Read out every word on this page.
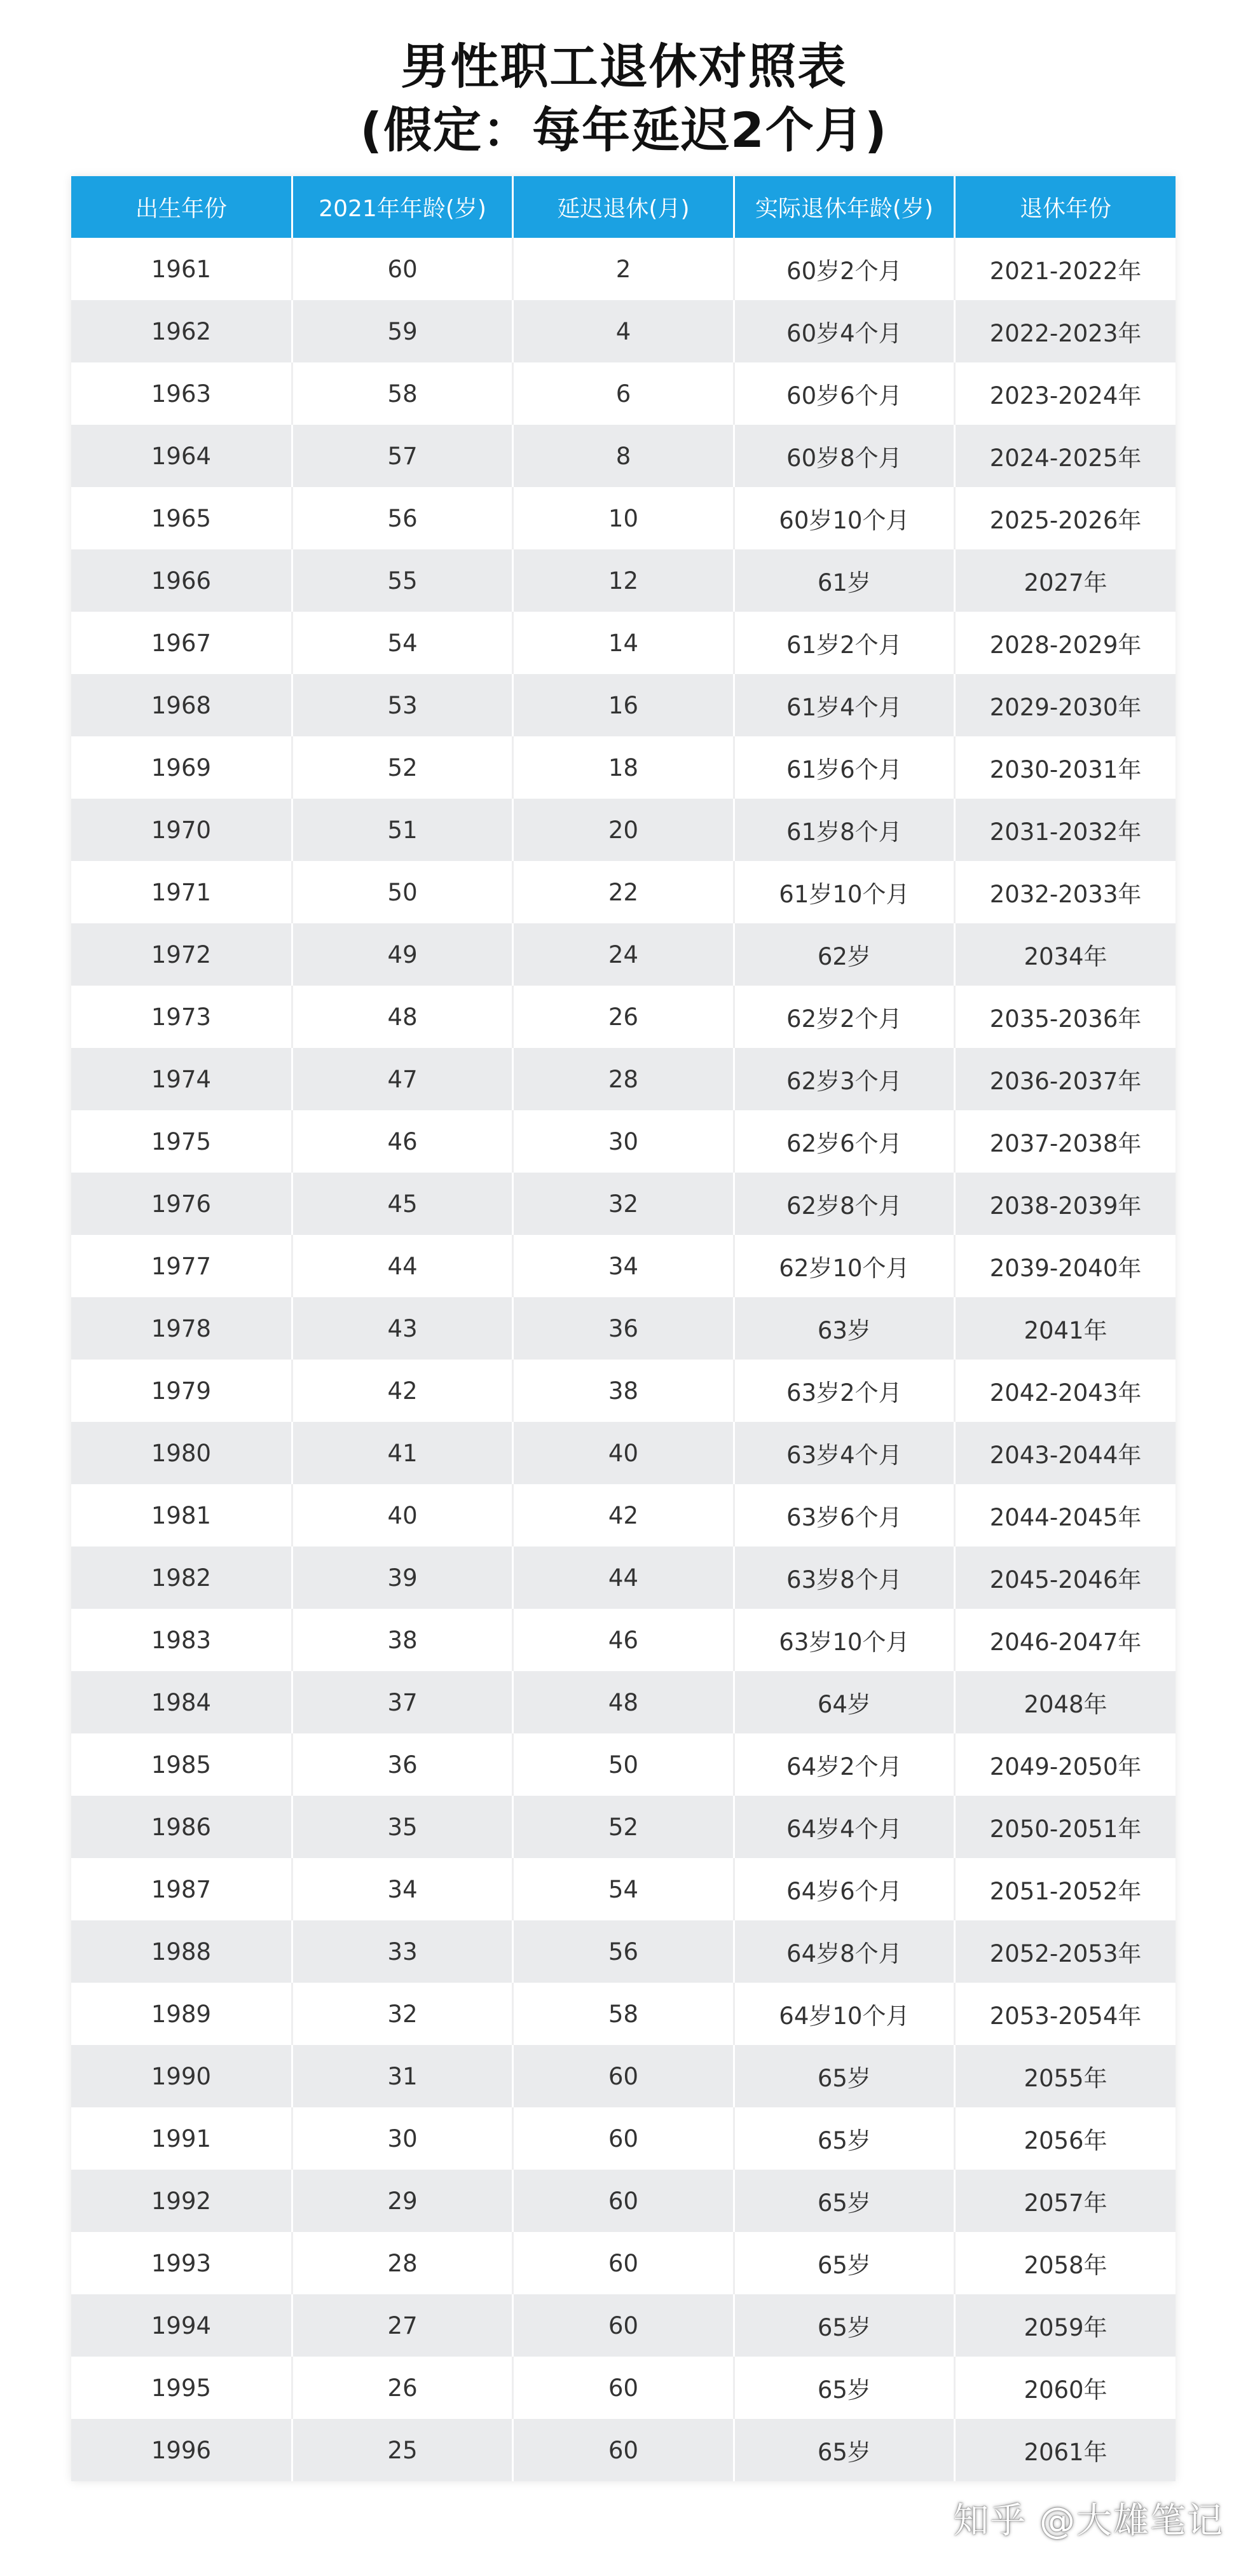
男性职工退休对照表
(假定：每年延迟2个月)
出生年份	2021年年龄(岁)	延迟退休(月)	实际退休年龄(岁)	退休年份
1961	60	2	60岁2个月	2021-2022年
1962	59	4	60岁4个月	2022-2023年
1963	58	6	60岁6个月	2023-2024年
1964	57	8	60岁8个月	2024-2025年
1965	56	10	60岁10个月	2025-2026年
1966	55	12	61岁	2027年
1967	54	14	61岁2个月	2028-2029年
1968	53	16	61岁4个月	2029-2030年
1969	52	18	61岁6个月	2030-2031年
1970	51	20	61岁8个月	2031-2032年
1971	50	22	61岁10个月	2032-2033年
1972	49	24	62岁	2034年
1973	48	26	62岁2个月	2035-2036年
1974	47	28	62岁3个月	2036-2037年
1975	46	30	62岁6个月	2037-2038年
1976	45	32	62岁8个月	2038-2039年
1977	44	34	62岁10个月	2039-2040年
1978	43	36	63岁	2041年
1979	42	38	63岁2个月	2042-2043年
1980	41	40	63岁4个月	2043-2044年
1981	40	42	63岁6个月	2044-2045年
1982	39	44	63岁8个月	2045-2046年
1983	38	46	63岁10个月	2046-2047年
1984	37	48	64岁	2048年
1985	36	50	64岁2个月	2049-2050年
1986	35	52	64岁4个月	2050-2051年
1987	34	54	64岁6个月	2051-2052年
1988	33	56	64岁8个月	2052-2053年
1989	32	58	64岁10个月	2053-2054年
1990	31	60	65岁	2055年
1991	30	60	65岁	2056年
1992	29	60	65岁	2057年
1993	28	60	65岁	2058年
1994	27	60	65岁	2059年
1995	26	60	65岁	2060年
1996	25	60	65岁	2061年
知乎 @大雄笔记
